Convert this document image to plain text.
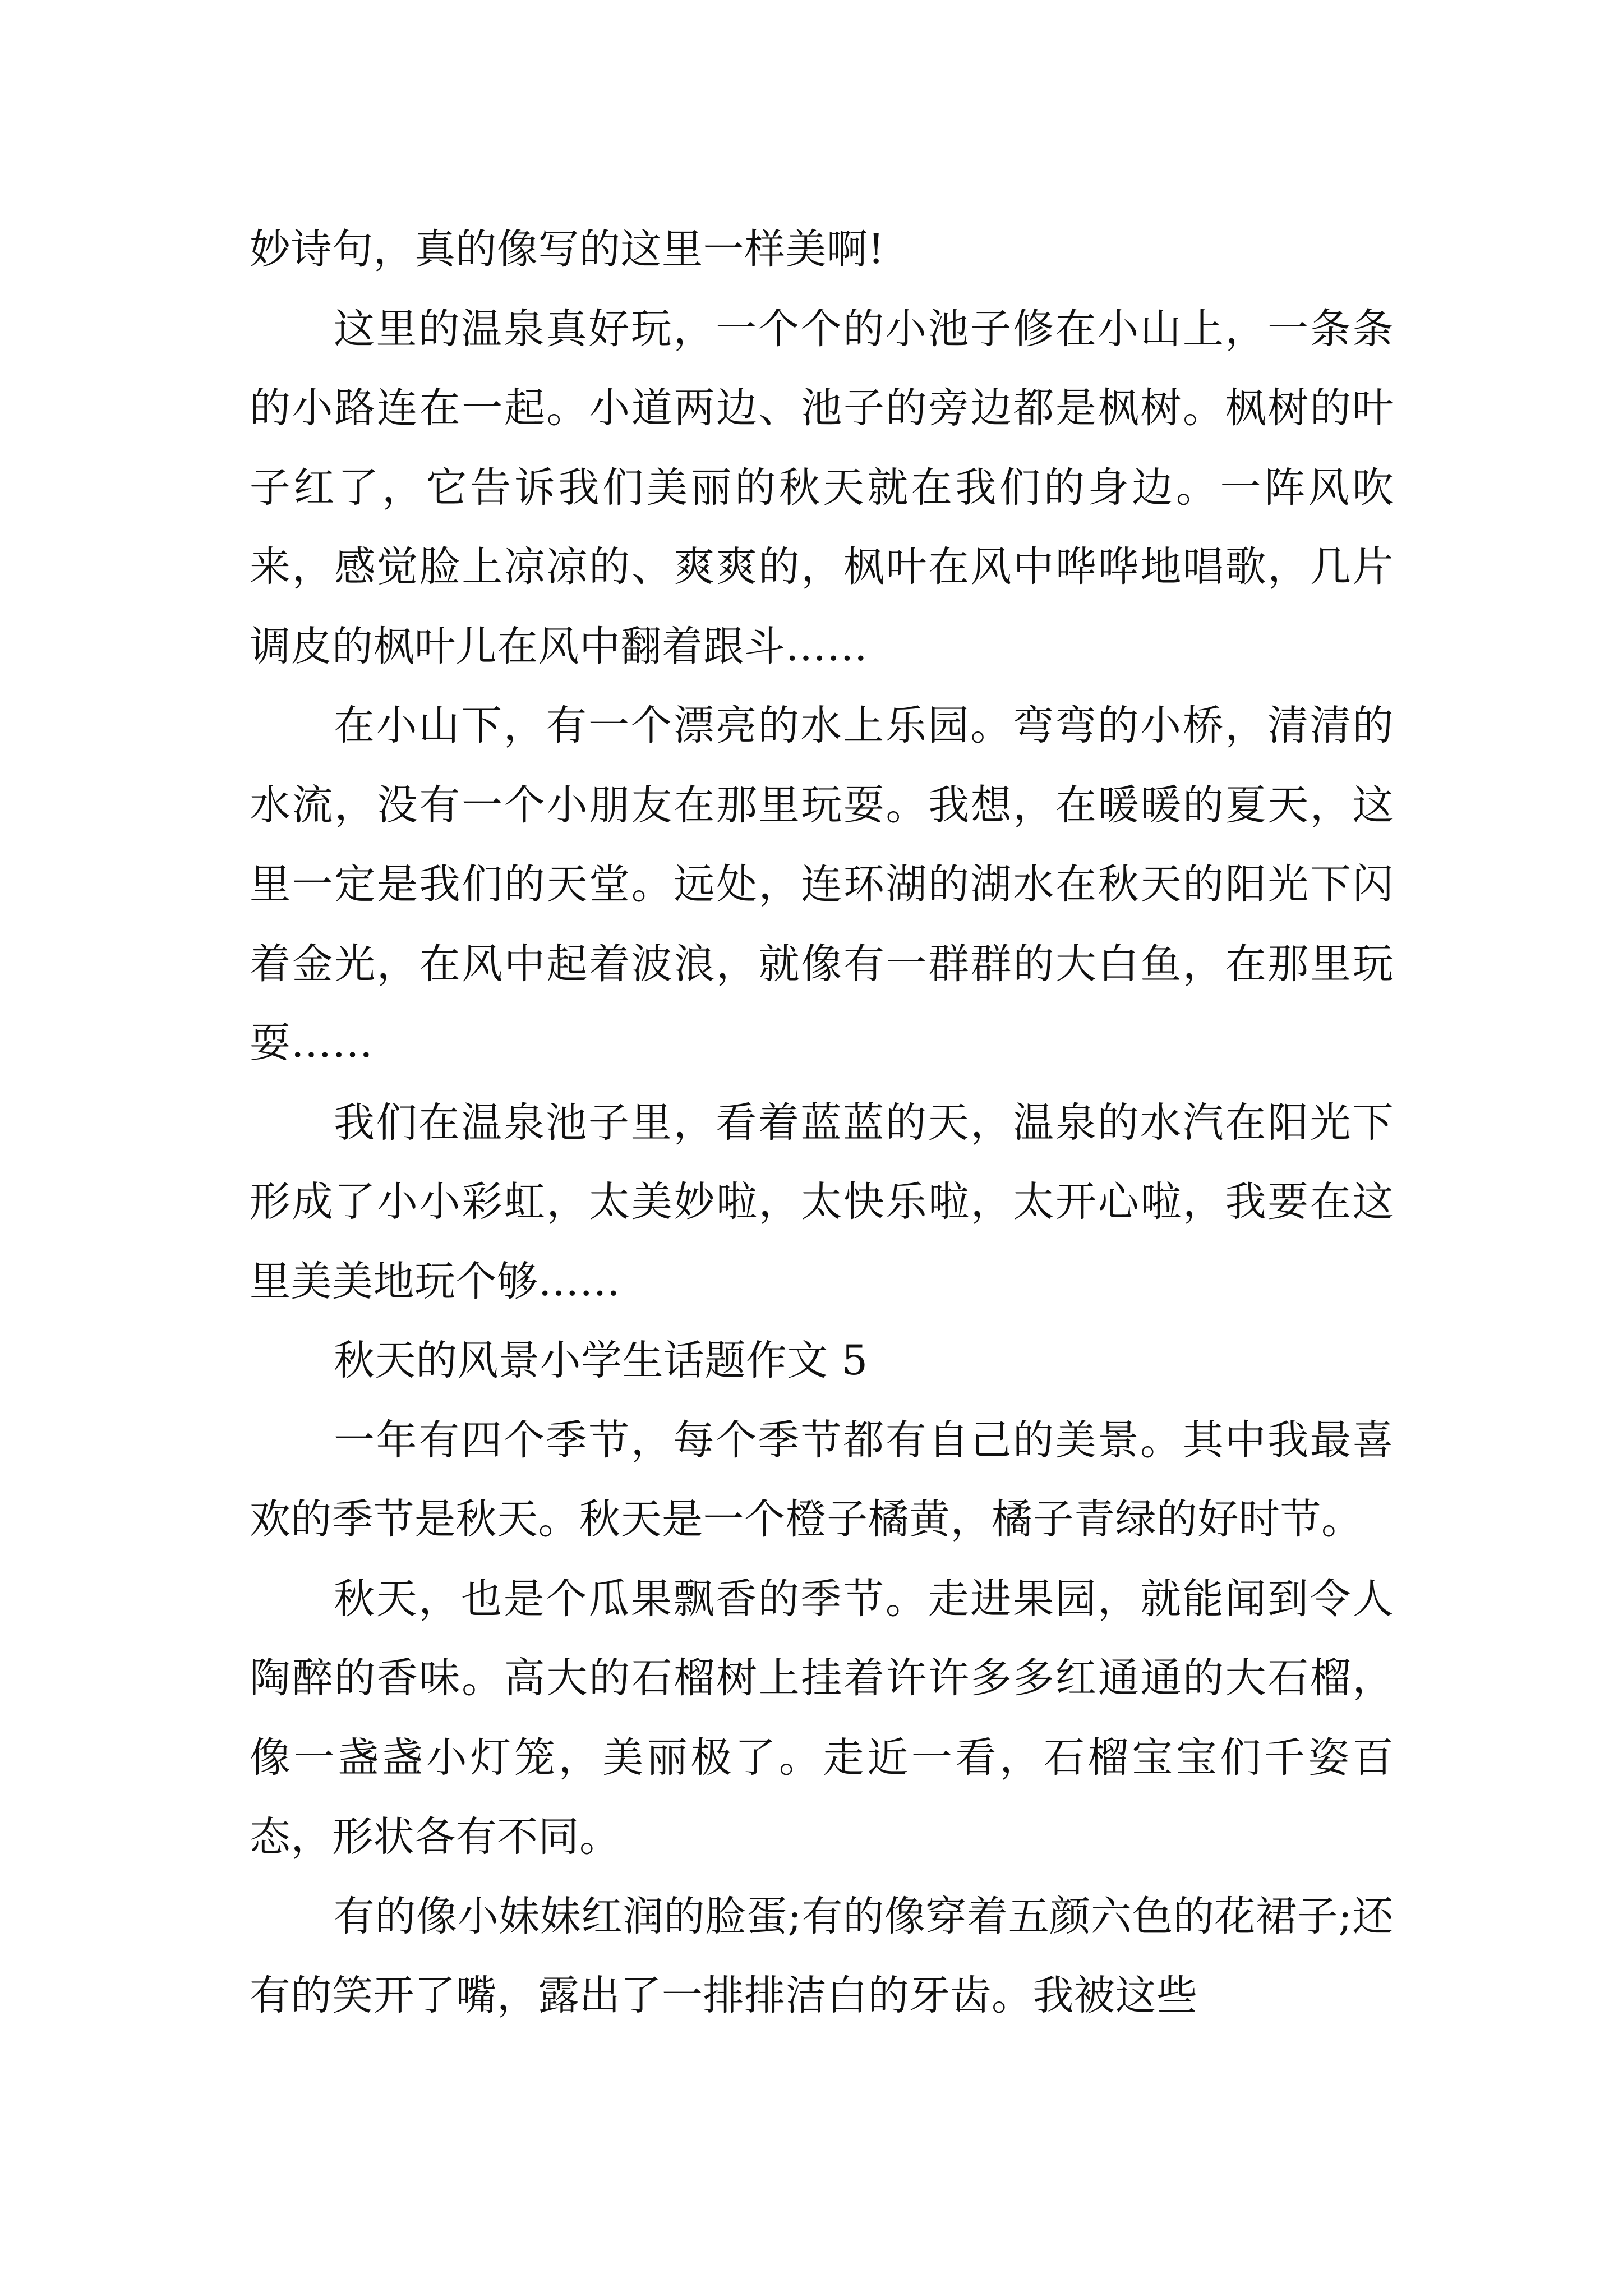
妙诗句，真的像写的这里一样美啊!

这里的温泉真好玩，一个个的小池子修在小山上，一条条的小路连在一起。小道两边、池子的旁边都是枫树。枫树的叶子红了，它告诉我们美丽的秋天就在我们的身边。一阵风吹来，感觉脸上凉凉的、爽爽的，枫叶在风中哗哗地唱歌，几片调皮的枫叶儿在风中翻着跟斗……

在小山下，有一个漂亮的水上乐园。弯弯的小桥，清清的水流，没有一个小朋友在那里玩耍。我想，在暖暖的夏天，这里一定是我们的天堂。远处，连环湖的湖水在秋天的阳光下闪着金光，在风中起着波浪，就像有一群群的大白鱼，在那里玩耍……

我们在温泉池子里，看着蓝蓝的天，温泉的水汽在阳光下形成了小小彩虹，太美妙啦，太快乐啦，太开心啦，我要在这里美美地玩个够……

秋天的风景小学生话题作文 5

一年有四个季节，每个季节都有自己的美景。其中我最喜欢的季节是秋天。秋天是一个橙子橘黄，橘子青绿的好时节。

秋天，也是个瓜果飘香的季节。走进果园，就能闻到令人陶醉的香味。高大的石榴树上挂着许许多多红通通的大石榴，像一盏盏小灯笼，美丽极了。走近一看，石榴宝宝们千姿百态，形状各有不同。

有的像小妹妹红润的脸蛋;有的像穿着五颜六色的花裙子;还有的笑开了嘴，露出了一排排洁白的牙齿。我被这些
